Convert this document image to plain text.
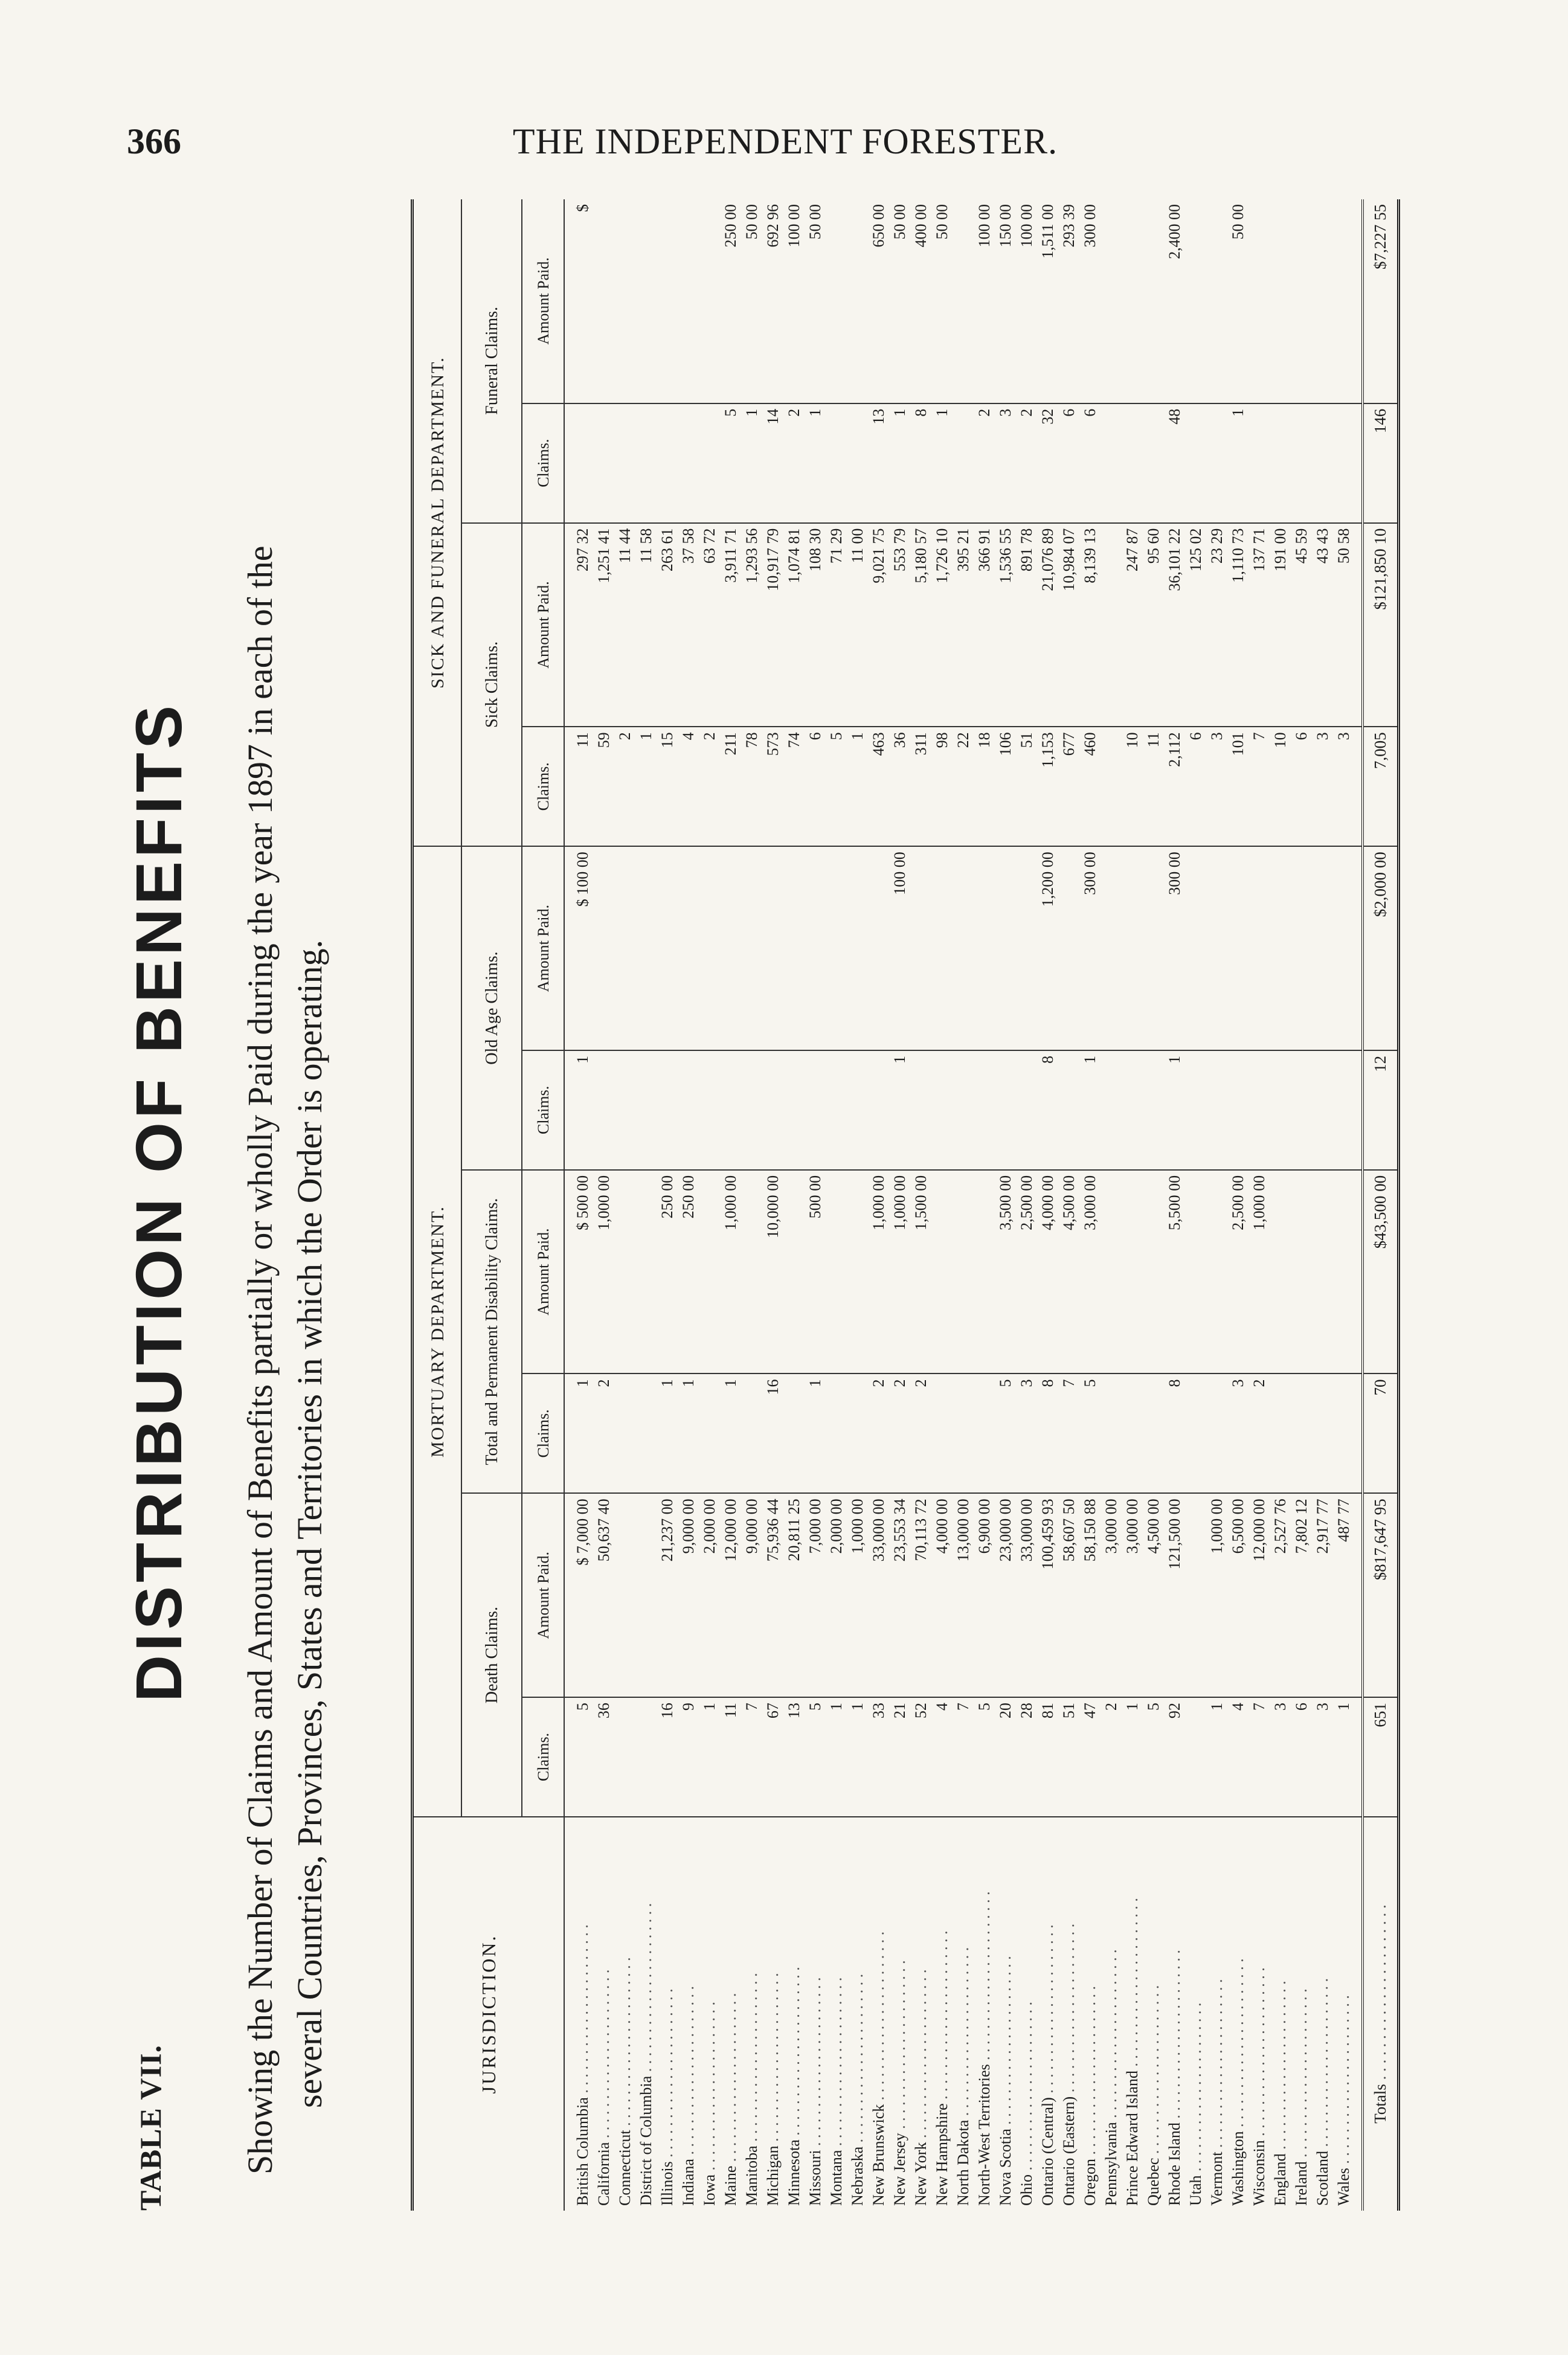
366	THE INDEPENDENT FORESTER.
TABLE VII.
DISTRIBUTION OF BENEFITS Showing the Number of Claims and Amount of Benefits partially or wholly Paid during the year 1897 in each of the several Countries, Provinces, States and Territories in which the Order is operating.	JURISDICTION.	MORTUARY DEPARTMENT.						SICK AND FUNERAL DEPARTMENT.			
	Death Claims.		Total and Permanent Disability Claims.		Old Age Claims.		Sick Claims.		Funeral Claims.	
	Claims.	Amount Paid.	Claims.	Amount Paid.	Claims.	Amount Paid.	Claims.	Amount Paid.	Claims.	Amount Paid.
British Columbia . . .	5	$ 7,000 00	1	$ 500 00	1	$ 100 00	11	297 32		$
California . . .	36	50,637 40	2	1,000 00			59	1,251 41		
Connecticut . . .							2	11 44		
District of Columbia . . .							1	11 58		
Illinois . . .	16	21,237 00	1	250 00			15	263 61		
Indiana . . .	9	9,000 00	1	250 00			4	37 58		
Iowa . . .	1	2,000 00					2	63 72		
Maine . . .	11	12,000 00	1	1,000 00			211	3,911 71	5	250 00
Manitoba . . .	7	9,000 00					78	1,293 56	1	50 00
Michigan . . .	67	75,936 44	16	10,000 00			573	10,917 79	14	692 96
Minnesota . . .	13	20,811 25					74	1,074 81	2	100 00
Missouri . . .	5	7,000 00	1	500 00			6	108 30	1	50 00
Montana . . .	1	2,000 00					5	71 29		
Nebraska . . .	1	1,000 00					1	11 00		
New Brunswick . . .	33	33,000 00	2	1,000 00			463	9,021 75	13	650 00
New Jersey . . .	21	23,553 34	2	1,000 00	1	100 00	36	553 79	1	50 00
New York . . .	52	70,113 72	2	1,500 00			311	5,180 57	8	400 00
New Hampshire . . .	4	4,000 00					98	1,726 10	1	50 00
North Dakota . . .	7	13,000 00					22	395 21		
North-West Territories . . .	5	6,900 00					18	366 91	2	100 00
Nova Scotia . . .	20	23,000 00	5	3,500 00			106	1,536 55	3	150 00
Ohio . . .	28	33,000 00	3	2,500 00			51	891 78	2	100 00
Ontario (Central) . . .	81	100,459 93	8	4,000 00	8	1,200 00	1,153	21,076 89	32	1,511 00
Ontario (Eastern) . . .	51	58,607 50	7	4,500 00			677	10,984 07	6	293 39
Oregon . . .	47	58,150 88	5	3,000 00	1	300 00	460	8,139 13	6	300 00
Pennsylvania . . .	2	3,000 00								
Prince Edward Island . . .	1	3,000 00					10	247 87		
Quebec . . .	5	4,500 00					11	95 60		
Rhode Island . . .	92	121,500 00	8	5,500 00	1	300 00	2,112	36,101 22	48	2,400 00
Utah . . .							6	125 02		
Vermont . . .	1	1,000 00					3	23 29		
Washington . . .	4	6,500 00	3	2,500 00			101	1,110 73	1	50 00
Wisconsin . . .	7	12,000 00	2	1,000 00			7	137 71		
England . . .	3	2,527 76					10	191 00		
Ireland . . .	6	7,802 12					6	45 59		
Scotland . . .	3	2,917 77					3	43 43		
Wales . . .	1	487 77					3	50 58		
Totals . . .	651	$817,647 95	70	$43,500 00	12	$2,000 00	7,005	$121,850 10	146	$7,227 55
